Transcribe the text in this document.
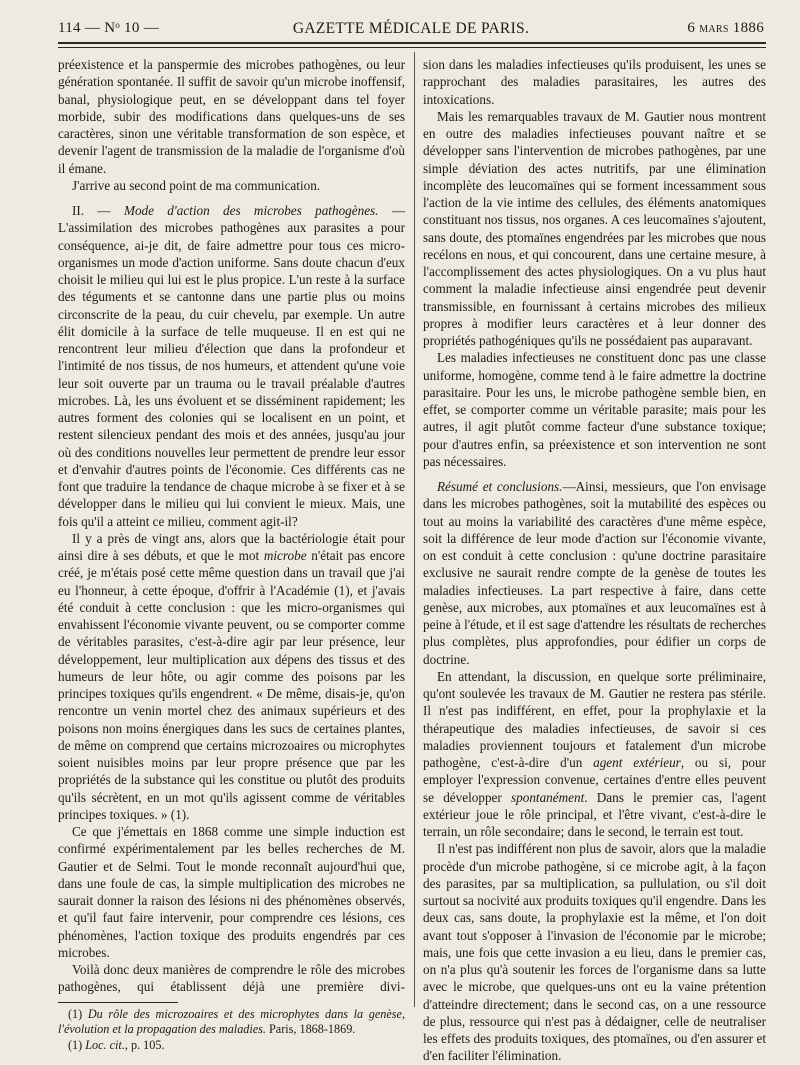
114 — Nᵒ 10 —	GAZETTE MÉDICALE DE PARIS.	6 mars 1886

préexistence et la panspermie des microbes pathogènes, ou leur génération spontanée. Il suffit de savoir qu'un microbe inoffensif, banal, physiologique peut, en se développant dans tel foyer morbide, subir des modifications dans quelques-uns de ses caractères, sinon une véritable transformation de son espèce, et devenir l'agent de transmission de la maladie de l'organisme d'où il émane.

J'arrive au second point de ma communication.

II. — Mode d'action des microbes pathogènes. — L'assimilation des microbes pathogènes aux parasites a pour conséquence, ai-je dit, de faire admettre pour tous ces micro-organismes un mode d'action uniforme. Sans doute chacun d'eux choisit le milieu qui lui est le plus propice. L'un reste à la surface des téguments et se cantonne dans une partie plus ou moins circonscrite de la peau, du cuir chevelu, par exemple. Un autre élit domicile à la surface de telle muqueuse. Il en est qui ne rencontrent leur milieu d'élection que dans la profondeur et l'intimité de nos tissus, de nos humeurs, et attendent qu'une voie leur soit ouverte par un trauma ou le travail préalable d'autres microbes. Là, les uns évoluent et se disséminent rapidement; les autres forment des colonies qui se localisent en un point, et restent silencieux pendant des mois et des années, jusqu'au jour où des conditions nouvelles leur permettent de prendre leur essor et d'envahir d'autres points de l'économie. Ces différents cas ne font que traduire la tendance de chaque microbe à se fixer et à se développer dans le milieu qui lui convient le mieux. Mais, une fois qu'il a atteint ce milieu, comment agit-il?

Il y a près de vingt ans, alors que la bactériologie était pour ainsi dire à ses débuts, et que le mot microbe n'était pas encore créé, je m'étais posé cette même question dans un travail que j'ai eu l'honneur, à cette époque, d'offrir à l'Académie (1), et j'avais été conduit à cette conclusion : que les micro-organismes qui envahissent l'économie vivante peuvent, ou se comporter comme de véritables parasites, c'est-à-dire agir par leur présence, leur développement, leur multiplication aux dépens des tissus et des humeurs de leur hôte, ou agir comme des poisons par les principes toxiques qu'ils engendrent. « De même, disais-je, qu'on rencontre un venin mortel chez des animaux supérieurs et des poisons non moins énergiques dans les sucs de certaines plantes, de même on comprend que certains microzoaires ou microphytes soient nuisibles moins par leur propre présence que par les propriétés de la substance qui les constitue ou plutôt des produits qu'ils sécrètent, en un mot qu'ils agissent comme de véritables principes toxiques. » (1).

Ce que j'émettais en 1868 comme une simple induction est confirmé expérimentalement par les belles recherches de M. Gautier et de Selmi. Tout le monde reconnaît aujourd'hui que, dans une foule de cas, la simple multiplication des microbes ne saurait donner la raison des lésions ni des phénomènes observés, et qu'il faut faire intervenir, pour comprendre ces lésions, ces phénomènes, l'action toxique des produits engendrés par ces microbes.

Voilà donc deux manières de comprendre le rôle des microbes pathogènes, qui établissent déjà une première divi-

(1) Du rôle des microzoaires et des microphytes dans la genèse, l'évolution et la propagation des maladies. Paris, 1868-1869.

(1) Loc. cit., p. 105.

sion dans les maladies infectieuses qu'ils produisent, les unes se rapprochant des maladies parasitaires, les autres des intoxications.

Mais les remarquables travaux de M. Gautier nous montrent en outre des maladies infectieuses pouvant naître et se développer sans l'intervention de microbes pathogènes, par une simple déviation des actes nutritifs, par une élimination incomplète des leucomaïnes qui se forment incessamment sous l'action de la vie intime des cellules, des éléments anatomiques constituant nos tissus, nos organes. A ces leucomaïnes s'ajoutent, sans doute, des ptomaïnes engendrées par les microbes que nous recélons en nous, et qui concourent, dans une certaine mesure, à l'accomplissement des actes physiologiques. On a vu plus haut comment la maladie infectieuse ainsi engendrée peut devenir transmissible, en fournissant à certains microbes des milieux propres à modifier leurs caractères et à leur donner des propriétés pathogéniques qu'ils ne possédaient pas auparavant.

Les maladies infectieuses ne constituent donc pas une classe uniforme, homogène, comme tend à le faire admettre la doctrine parasitaire. Pour les uns, le microbe pathogène semble bien, en effet, se comporter comme un véritable parasite; mais pour les autres, il agit plutôt comme facteur d'une substance toxique; pour d'autres enfin, sa préexistence et son intervention ne sont pas nécessaires.

Résumé et conclusions.—Ainsi, messieurs, que l'on envisage dans les microbes pathogènes, soit la mutabilité des espèces ou tout au moins la variabilité des caractères d'une même espèce, soit la différence de leur mode d'action sur l'économie vivante, on est conduit à cette conclusion : qu'une doctrine parasitaire exclusive ne saurait rendre compte de la genèse de toutes les maladies infectieuses. La part respective à faire, dans cette genèse, aux microbes, aux ptomaïnes et aux leucomaïnes est à peine à l'étude, et il est sage d'attendre les résultats de recherches plus complètes, plus approfondies, pour édifier un corps de doctrine.

En attendant, la discussion, en quelque sorte préliminaire, qu'ont soulevée les travaux de M. Gautier ne restera pas stérile. Il n'est pas indifférent, en effet, pour la prophylaxie et la thérapeutique des maladies infectieuses, de savoir si ces maladies proviennent toujours et fatalement d'un microbe pathogène, c'est-à-dire d'un agent extérieur, ou si, pour employer l'expression convenue, certaines d'entre elles peuvent se développer spontanément. Dans le premier cas, l'agent extérieur joue le rôle principal, et l'être vivant, c'est-à-dire le terrain, un rôle secondaire; dans le second, le terrain est tout.

Il n'est pas indifférent non plus de savoir, alors que la maladie procède d'un microbe pathogène, si ce microbe agit, à la façon des parasites, par sa multiplication, sa pullulation, ou s'il doit surtout sa nocivité aux produits toxiques qu'il engendre. Dans les deux cas, sans doute, la prophylaxie est la même, et l'on doit avant tout s'opposer à l'invasion de l'économie par le microbe; mais, une fois que cette invasion a eu lieu, dans le premier cas, on n'a plus qu'à soutenir les forces de l'organisme dans sa lutte avec le microbe, que quelques-uns ont eu la vaine prétention d'atteindre directement; dans le second cas, on a une ressource de plus, ressource qui n'est pas à dédaigner, celle de neutraliser les effets des produits toxiques, des ptomaïnes, ou d'en assurer et d'en faciliter l'élimination.
